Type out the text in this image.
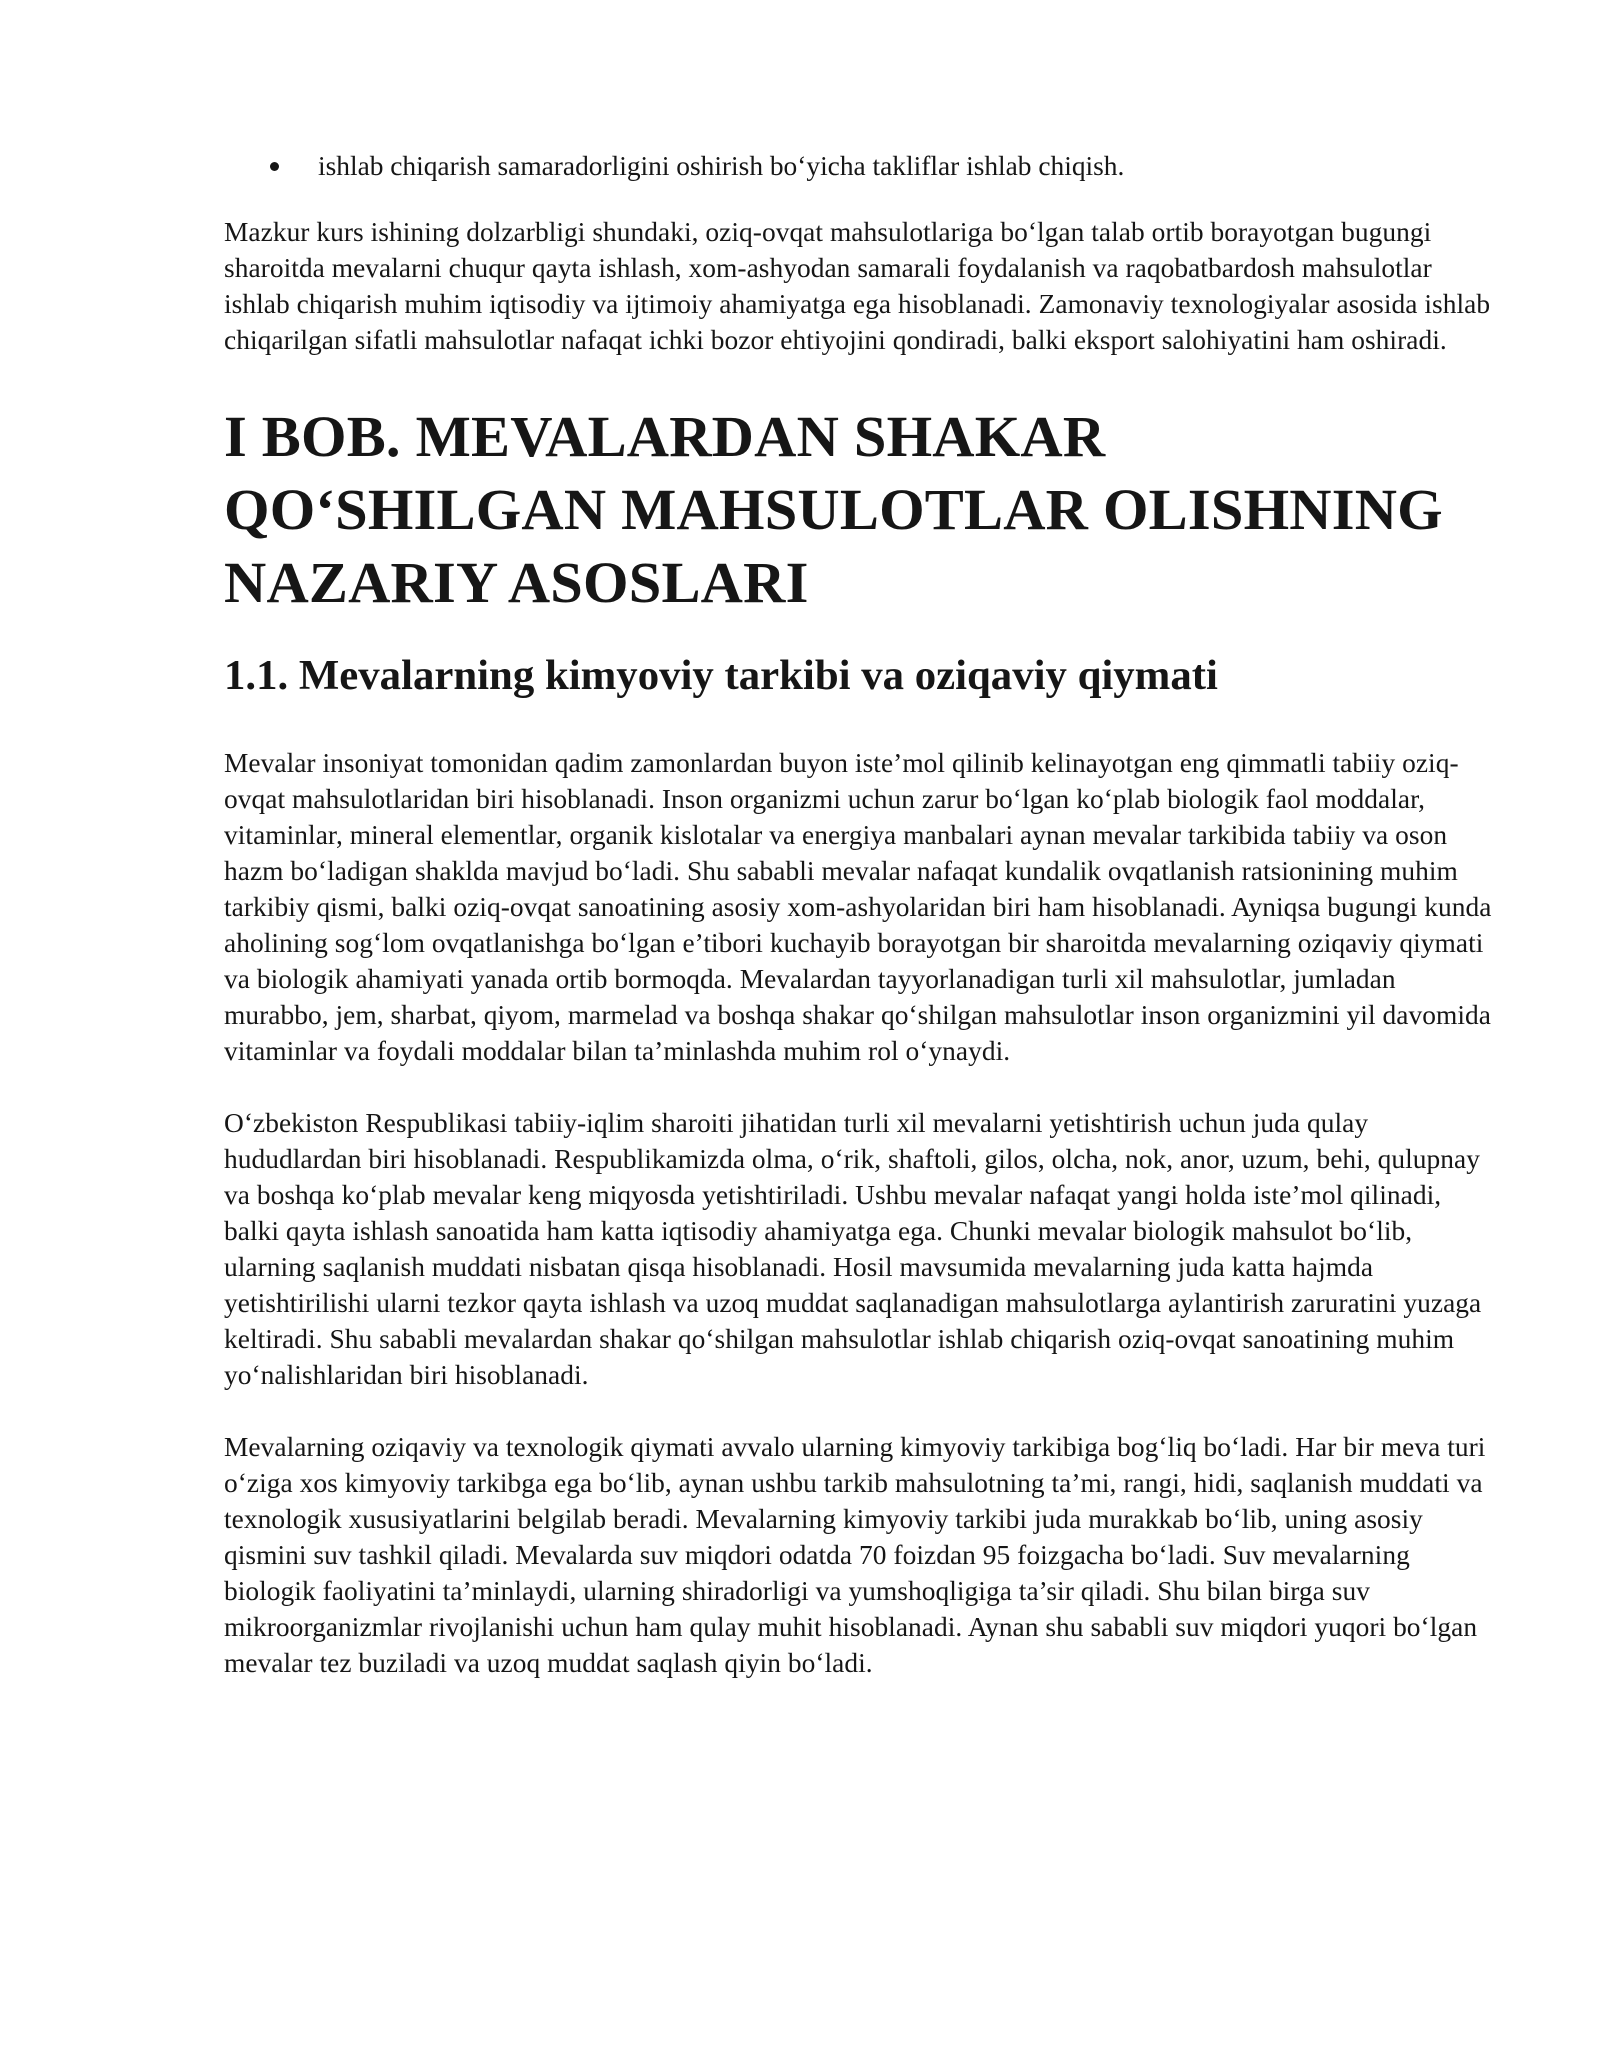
ishlab chiqarish samaradorligini oshirish bo‘yicha takliflar ishlab chiqish.

Mazkur kurs ishining dolzarbligi shundaki, oziq-ovqat mahsulotlariga bo‘lgan talab ortib borayotgan bugungi sharoitda mevalarni chuqur qayta ishlash, xom-ashyodan samarali foydalanish va raqobatbardosh mahsulotlar ishlab chiqarish muhim iqtisodiy va ijtimoiy ahamiyatga ega hisoblanadi. Zamonaviy texnologiyalar asosida ishlab chiqarilgan sifatli mahsulotlar nafaqat ichki bozor ehtiyojini qondiradi, balki eksport salohiyatini ham oshiradi.

I BOB. MEVALARDAN SHAKAR QO‘SHILGAN MAHSULOTLAR OLISHNING NAZARIY ASOSLARI
1.1. Mevalarning kimyoviy tarkibi va oziqaviy qiymati

Mevalar insoniyat tomonidan qadim zamonlardan buyon iste’mol qilinib kelinayotgan eng qimmatli tabiiy oziq-ovqat mahsulotlaridan biri hisoblanadi. Inson organizmi uchun zarur bo‘lgan ko‘plab biologik faol moddalar, vitaminlar, mineral elementlar, organik kislotalar va energiya manbalari aynan mevalar tarkibida tabiiy va oson hazm bo‘ladigan shaklda mavjud bo‘ladi. Shu sababli mevalar nafaqat kundalik ovqatlanish ratsionining muhim tarkibiy qismi, balki oziq-ovqat sanoatining asosiy xom-ashyolaridan biri ham hisoblanadi. Ayniqsa bugungi kunda aholining sog‘lom ovqatlanishga bo‘lgan e’tibori kuchayib borayotgan bir sharoitda mevalarning oziqaviy qiymati va biologik ahamiyati yanada ortib bormoqda. Mevalardan tayyorlanadigan turli xil mahsulotlar, jumladan murabbo, jem, sharbat, qiyom, marmelad va boshqa shakar qo‘shilgan mahsulotlar inson organizmini yil davomida vitaminlar va foydali moddalar bilan ta’minlashda muhim rol o‘ynaydi.

O‘zbekiston Respublikasi tabiiy-iqlim sharoiti jihatidan turli xil mevalarni yetishtirish uchun juda qulay hududlardan biri hisoblanadi. Respublikamizda olma, o‘rik, shaftoli, gilos, olcha, nok, anor, uzum, behi, qulupnay va boshqa ko‘plab mevalar keng miqyosda yetishtiriladi. Ushbu mevalar nafaqat yangi holda iste’mol qilinadi, balki qayta ishlash sanoatida ham katta iqtisodiy ahamiyatga ega. Chunki mevalar biologik mahsulot bo‘lib, ularning saqlanish muddati nisbatan qisqa hisoblanadi. Hosil mavsumida mevalarning juda katta hajmda yetishtirilishi ularni tezkor qayta ishlash va uzoq muddat saqlanadigan mahsulotlarga aylantirish zaruratini yuzaga keltiradi. Shu sababli mevalardan shakar qo‘shilgan mahsulotlar ishlab chiqarish oziq-ovqat sanoatining muhim yo‘nalishlaridan biri hisoblanadi.

Mevalarning oziqaviy va texnologik qiymati avvalo ularning kimyoviy tarkibiga bog‘liq bo‘ladi. Har bir meva turi o‘ziga xos kimyoviy tarkibga ega bo‘lib, aynan ushbu tarkib mahsulotning ta’mi, rangi, hidi, saqlanish muddati va texnologik xususiyatlarini belgilab beradi. Mevalarning kimyoviy tarkibi juda murakkab bo‘lib, uning asosiy qismini suv tashkil qiladi. Mevalarda suv miqdori odatda 70 foizdan 95 foizgacha bo‘ladi. Suv mevalarning biologik faoliyatini ta’minlaydi, ularning shiradorligi va yumshoqligiga ta’sir qiladi. Shu bilan birga suv mikroorganizmlar rivojlanishi uchun ham qulay muhit hisoblanadi. Aynan shu sababli suv miqdori yuqori bo‘lgan mevalar tez buziladi va uzoq muddat saqlash qiyin bo‘ladi.
